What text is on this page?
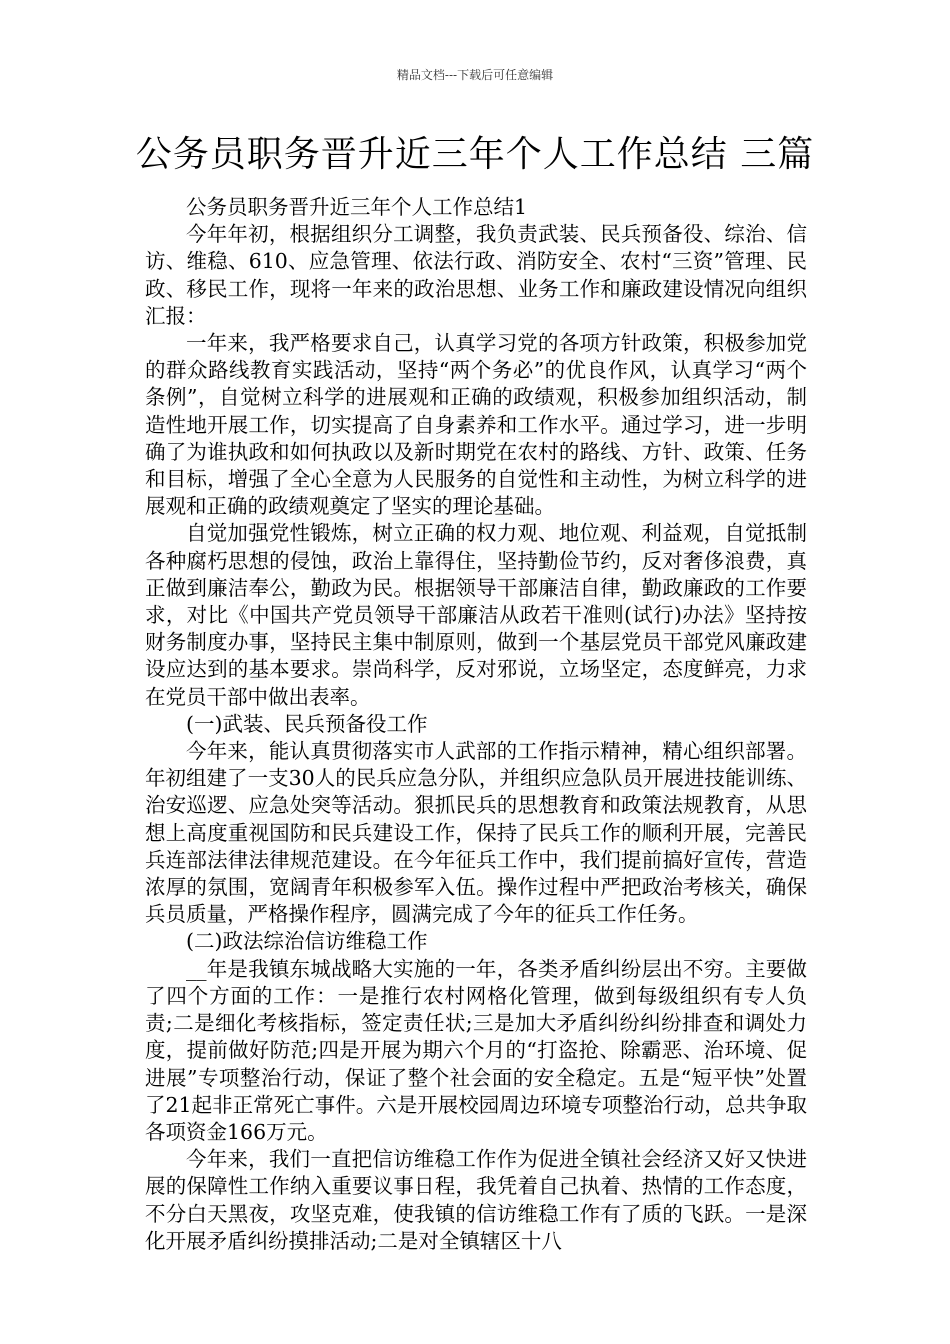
精品文档---下载后可任意编辑
公务员职务晋升近三年个人工作总结 三篇

公务员职务晋升近三年个人工作总结1

今年年初，根据组织分工调整，我负责武装、民兵预备役、综治、信访、维稳、610、应急管理、依法行政、消防安全、农村“三资”管理、民政、移民工作，现将一年来的政治思想、业务工作和廉政建设情况向组织汇报：

一年来，我严格要求自己，认真学习党的各项方针政策，积极参加党的群众路线教育实践活动，坚持“两个务必”的优良作风，认真学习“两个条例”，自觉树立科学的进展观和正确的政绩观，积极参加组织活动，制造性地开展工作，切实提高了自身素养和工作水平。通过学习，进一步明确了为谁执政和如何执政以及新时期党在农村的路线、方针、政策、任务和目标，增强了全心全意为人民服务的自觉性和主动性，为树立科学的进展观和正确的政绩观奠定了坚实的理论基础。

自觉加强党性锻炼，树立正确的权力观、地位观、利益观，自觉抵制各种腐朽思想的侵蚀，政治上靠得住，坚持勤俭节约，反对奢侈浪费，真正做到廉洁奉公，勤政为民。根据领导干部廉洁自律，勤政廉政的工作要求，对比《中国共产党员领导干部廉洁从政若干准则(试行)办法》坚持按财务制度办事，坚持民主集中制原则，做到一个基层党员干部党风廉政建设应达到的基本要求。崇尚科学，反对邪说，立场坚定，态度鲜亮，力求在党员干部中做出表率。

(一)武装、民兵预备役工作

今年来，能认真贯彻落实市人武部的工作指示精神，精心组织部署。年初组建了一支30人的民兵应急分队，并组织应急队员开展进技能训练、治安巡逻、应急处突等活动。狠抓民兵的思想教育和政策法规教育，从思想上高度重视国防和民兵建设工作，保持了民兵工作的顺利开展，完善民兵连部法律法律规范建设。在今年征兵工作中，我们提前搞好宣传，营造浓厚的氛围，宽阔青年积极参军入伍。操作过程中严把政治考核关，确保兵员质量，严格操作程序，圆满完成了今年的征兵工作任务。

(二)政法综治信访维稳工作

__年是我镇东城战略大实施的一年，各类矛盾纠纷层出不穷。主要做了四个方面的工作：一是推行农村网格化管理，做到每级组织有专人负责;二是细化考核指标，签定责任状;三是加大矛盾纠纷纠纷排查和调处力度，提前做好防范;四是开展为期六个月的“打盗抢、除霸恶、治环境、促进展”专项整治行动，保证了整个社会面的安全稳定。五是“短平快”处置了21起非正常死亡事件。六是开展校园周边环境专项整治行动，总共争取各项资金166万元。

今年来，我们一直把信访维稳工作作为促进全镇社会经济又好又快进展的保障性工作纳入重要议事日程，我凭着自己执着、热情的工作态度，不分白天黑夜，攻坚克难，使我镇的信访维稳工作有了质的飞跃。一是深化开展矛盾纠纷摸排活动;二是对全镇辖区十八
